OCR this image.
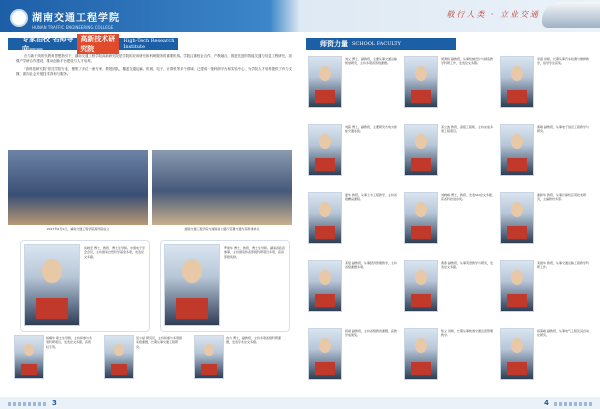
湖南交通工程学院
HUNAN TRAFFIC ENGINEERING COLLEGE
敬行人类 · 立业交通
专家治校 名师导向——
高新技术研究院
High-Tech Research Institute

在与新干线的代教育思想指引下，湖南交通工程学院高新研究院是学院的应用研究和科研服务的重要机构。学院注重校企合作、产教融合，推进先进的智能交通与信息工程研究，加强产学研合作建设，推动创新平台建设与人才培养。

“高科技研究院”依托学院专业，聚集了多位一流专家、教授团队，覆盖交通运输、机械、电子、计算机等多个领域；已建成一批科研平台和实验中心，为学院人才培养提供了有力支撑，面向社会开展技术咨询与服务。

2017年6月1日，湖南交通工程学院高科院成立	湖南交通工程学院与湖南省公路厅签署交通与高科建协议
汤晓安 博士，教授、博士生导师。中国电子学会会员，主持国家自然科学基金多项，发表论文多篇。
罗建华 博士，教授，博士生导师。湖南省政府参事，主持国家和省部级科研项目多项，获省部级奖励。
杨耀华 硕士生导师，主持和参与多项科研项目，发表论文多篇，获授权专利。
吴少斌 研究员，主持和参与多项国家级课题，长期从事交通工程研究。
冉力 博士，副教授，主持多项省级科研课题，发表学术论文多篇。
师资力量 SCHOOL FACULTY
刘义 博士，副教授，主要从事交通运输规划研究，主持多项省部级课题。
周清桥 副教授，从事机械设计与制造教学科研工作，发表论文多篇。
李嵩 讲师，长期从事汽车检测与维修教学，指导学生获奖。
刘超 博士，副教授，主要研究方向为智能交通系统。
邓立波 教授，高级工程师，主持完成多项工程项目。
黄敏 副教授，从事电子信息工程教学与研究。
夏华 教授，从事土木工程教学，主持省级精品课程。
刘晓峰 博士，教授，发表SCI论文多篇，获省科技进步奖。
谢新华 教授，从事计算机应用技术研究，主编教材多部。
邓楚 副教授，从事经济管理教学，主持省级课题多项。
黄燕 副教授，从事英语教学与研究，发表论文多篇。
邓振华 教授，从事交通运输工程教学科研工作。
杨翊 副教授，主持省级教改课题，获教学成果奖。
熊义 讲师，长期从事轨道交通运营管理教学。
杨海峰 副教授，从事电气工程及其自动化研究。
3	4
